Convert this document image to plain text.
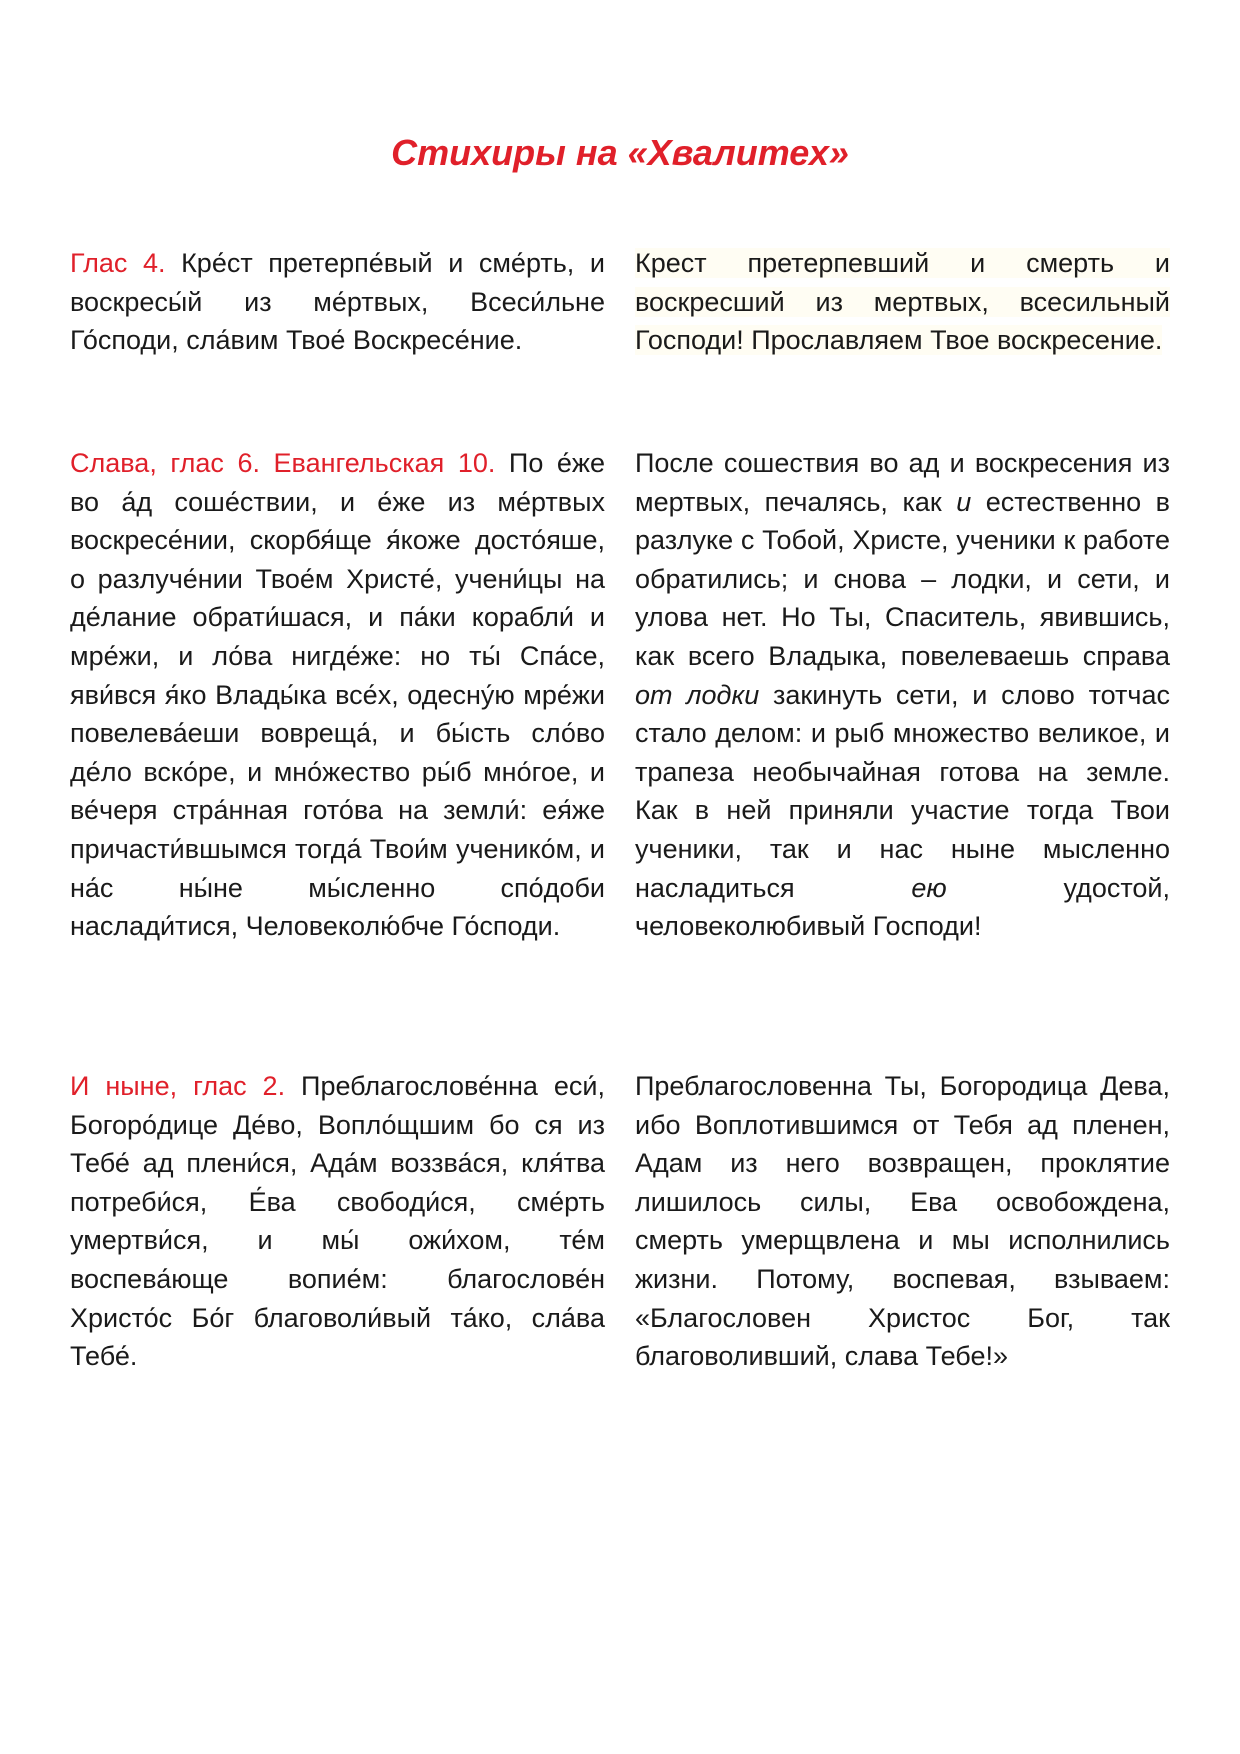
Стихиры на «Хвалитех»

Глас 4. Кре́ст претерпе́вый и сме́рть, и воскресы́й из ме́ртвых, Всеси́льне Го́споди, сла́вим Твое́ Воскресе́ние.

Крест претерпевший и смерть и воскресший из мертвых, всесильный Господи! Прославляем Твое воскресение.

Слава, глас 6. Евангельская 10. По е́же во а́д соше́ствии, и е́же из ме́ртвых воскресе́нии, скорбя́ще я́коже досто́яше, о разлуче́нии Твое́м Христе́, учени́цы на де́лание обрати́шася, и па́ки корабли́ и мре́жи, и ло́ва нигде́же: но ты́ Спа́се, яви́вся я́ко Влады́ка все́х, одесну́ю мре́жи повелева́еши вовреща́, и бы́сть сло́во де́ло вско́ре, и мно́жество ры́б мно́гое, и ве́черя стра́нная гото́ва на земли́: ея́же причасти́вшымся тогда́ Твои́м ученико́м, и на́с ны́не мы́сленно спо́доби наслади́тися, Человеколю́бче Го́споди.

После сошествия во ад и воскресения из мертвых, печалясь, как и естественно в разлуке с Тобой, Христе, ученики к работе обратились; и снова – лодки, и сети, и улова нет. Но Ты, Спаситель, явившись, как всего Владыка, повелеваешь справа от лодки закинуть сети, и слово тотчас стало делом: и рыб множество великое, и трапеза необычайная готова на земле. Как в ней приняли участие тогда Твои ученики, так и нас ныне мысленно насладиться ею удостой, человеколюбивый Господи!

И ныне, глас 2. Преблагослове́нна еси́, Богоро́дице Де́во, Вопло́щшим бо ся из Тебе́ ад плени́ся, Ада́м воззва́ся, кля́тва потреби́ся, Е́ва свободи́ся, сме́рть умертви́ся, и мы́ ожи́хом, те́м воспева́юще вопие́м: благослове́н Христо́с Бо́г благоволи́вый та́ко, сла́ва Тебе́.

Преблагословенна Ты, Богородица Дева, ибо Воплотившимся от Тебя ад пленен, Адам из него возвращен, проклятие лишилось силы, Ева освобождена, смерть умерщвлена и мы исполнились жизни. Потому, воспевая, взываем: «Благословен Христос Бог, так благоволивший, слава Тебе!»
